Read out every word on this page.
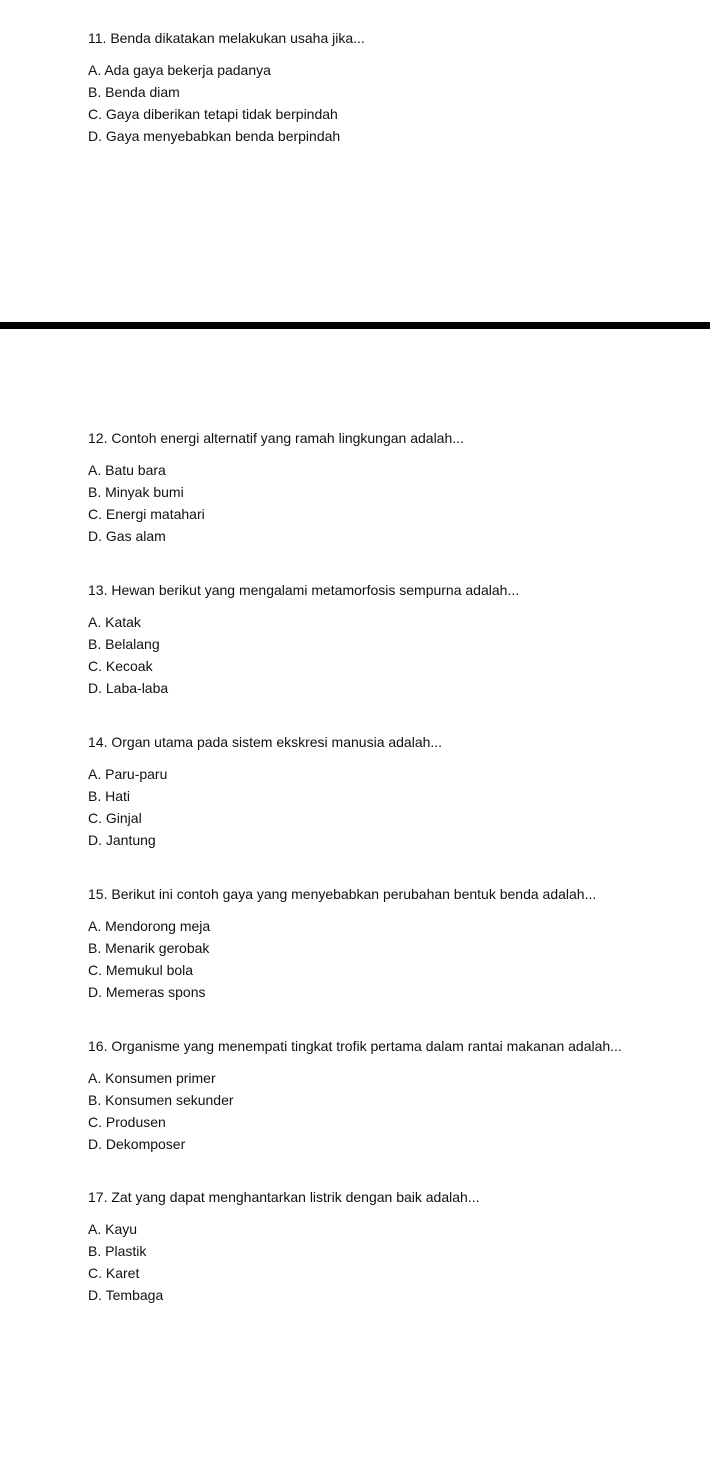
11. Benda dikatakan melakukan usaha jika...
A. Ada gaya bekerja padanya
B. Benda diam
C. Gaya diberikan tetapi tidak berpindah
D. Gaya menyebabkan benda berpindah
12. Contoh energi alternatif yang ramah lingkungan adalah...
A. Batu bara
B. Minyak bumi
C. Energi matahari
D. Gas alam
13. Hewan berikut yang mengalami metamorfosis sempurna adalah...
A. Katak
B. Belalang
C. Kecoak
D. Laba-laba
14. Organ utama pada sistem ekskresi manusia adalah...
A. Paru-paru
B. Hati
C. Ginjal
D. Jantung
15. Berikut ini contoh gaya yang menyebabkan perubahan bentuk benda adalah...
A. Mendorong meja
B. Menarik gerobak
C. Memukul bola
D. Memeras spons
16. Organisme yang menempati tingkat trofik pertama dalam rantai makanan adalah...
A. Konsumen primer
B. Konsumen sekunder
C. Produsen
D. Dekomposer
17. Zat yang dapat menghantarkan listrik dengan baik adalah...
A. Kayu
B. Plastik
C. Karet
D. Tembaga
